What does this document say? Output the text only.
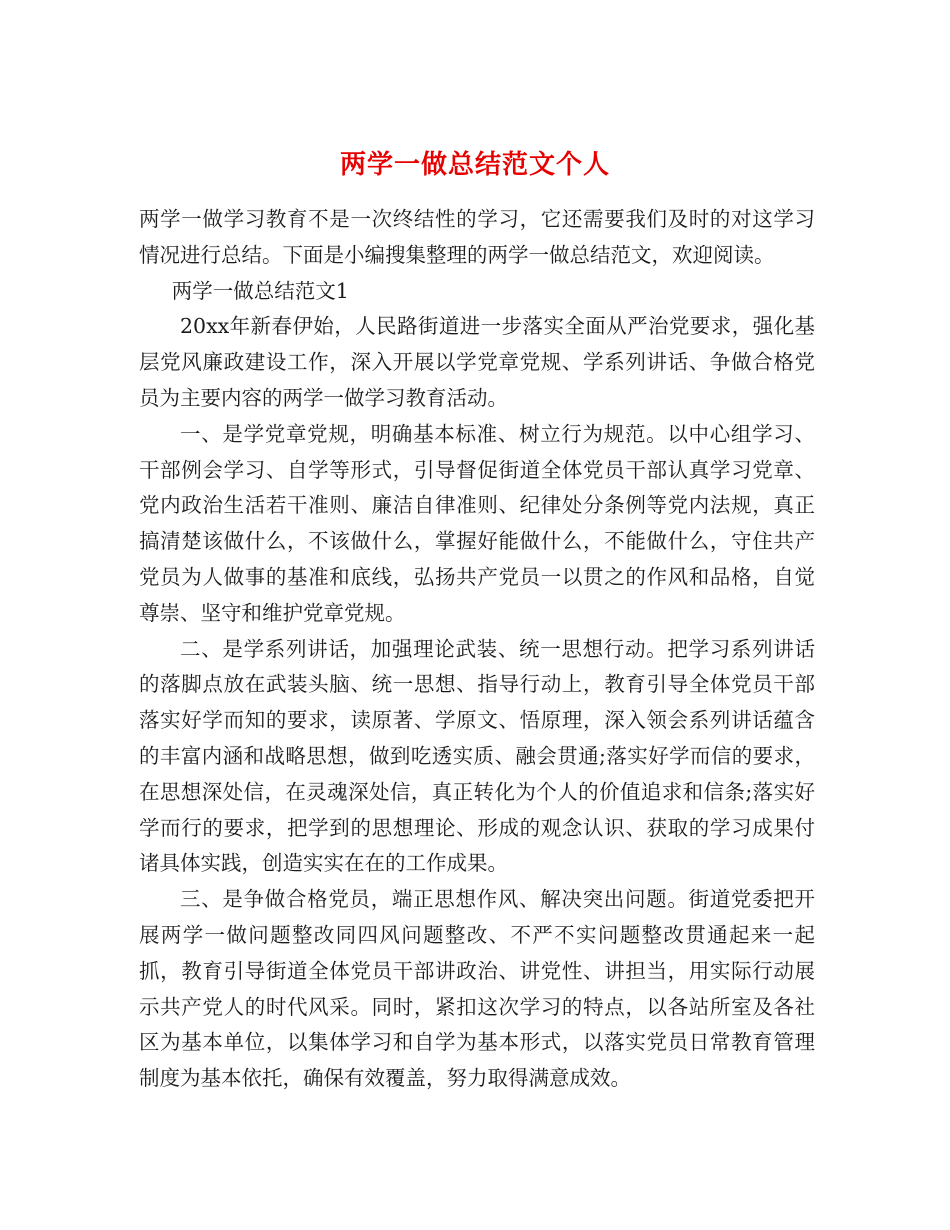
两学一做总结范文个人

两学一做学习教育不是一次终结性的学习，它还需要我们及时的对这学习情况进行总结。下面是小编搜集整理的两学一做总结范文，欢迎阅读。

两学一做总结范文1

20xx年新春伊始，人民路街道进一步落实全面从严治党要求，强化基层党风廉政建设工作，深入开展以学党章党规、学系列讲话、争做合格党员为主要内容的两学一做学习教育活动。

一、是学党章党规，明确基本标准、树立行为规范。以中心组学习、干部例会学习、自学等形式，引导督促街道全体党员干部认真学习党章、党内政治生活若干准则、廉洁自律准则、纪律处分条例等党内法规，真正搞清楚该做什么，不该做什么，掌握好能做什么，不能做什么，守住共产党员为人做事的基准和底线，弘扬共产党员一以贯之的作风和品格，自觉尊崇、坚守和维护党章党规。

二、是学系列讲话，加强理论武装、统一思想行动。把学习系列讲话的落脚点放在武装头脑、统一思想、指导行动上，教育引导全体党员干部落实好学而知的要求，读原著、学原文、悟原理，深入领会系列讲话蕴含的丰富内涵和战略思想，做到吃透实质、融会贯通;落实好学而信的要求，在思想深处信，在灵魂深处信，真正转化为个人的价值追求和信条;落实好学而行的要求，把学到的思想理论、形成的观念认识、获取的学习成果付诸具体实践，创造实实在在的工作成果。

三、是争做合格党员，端正思想作风、解决突出问题。街道党委把开展两学一做问题整改同四风问题整改、不严不实问题整改贯通起来一起抓，教育引导街道全体党员干部讲政治、讲党性、讲担当，用实际行动展示共产党人的时代风采。同时，紧扣这次学习的特点，以各站所室及各社区为基本单位，以集体学习和自学为基本形式，以落实党员日常教育管理制度为基本依托，确保有效覆盖，努力取得满意成效。
